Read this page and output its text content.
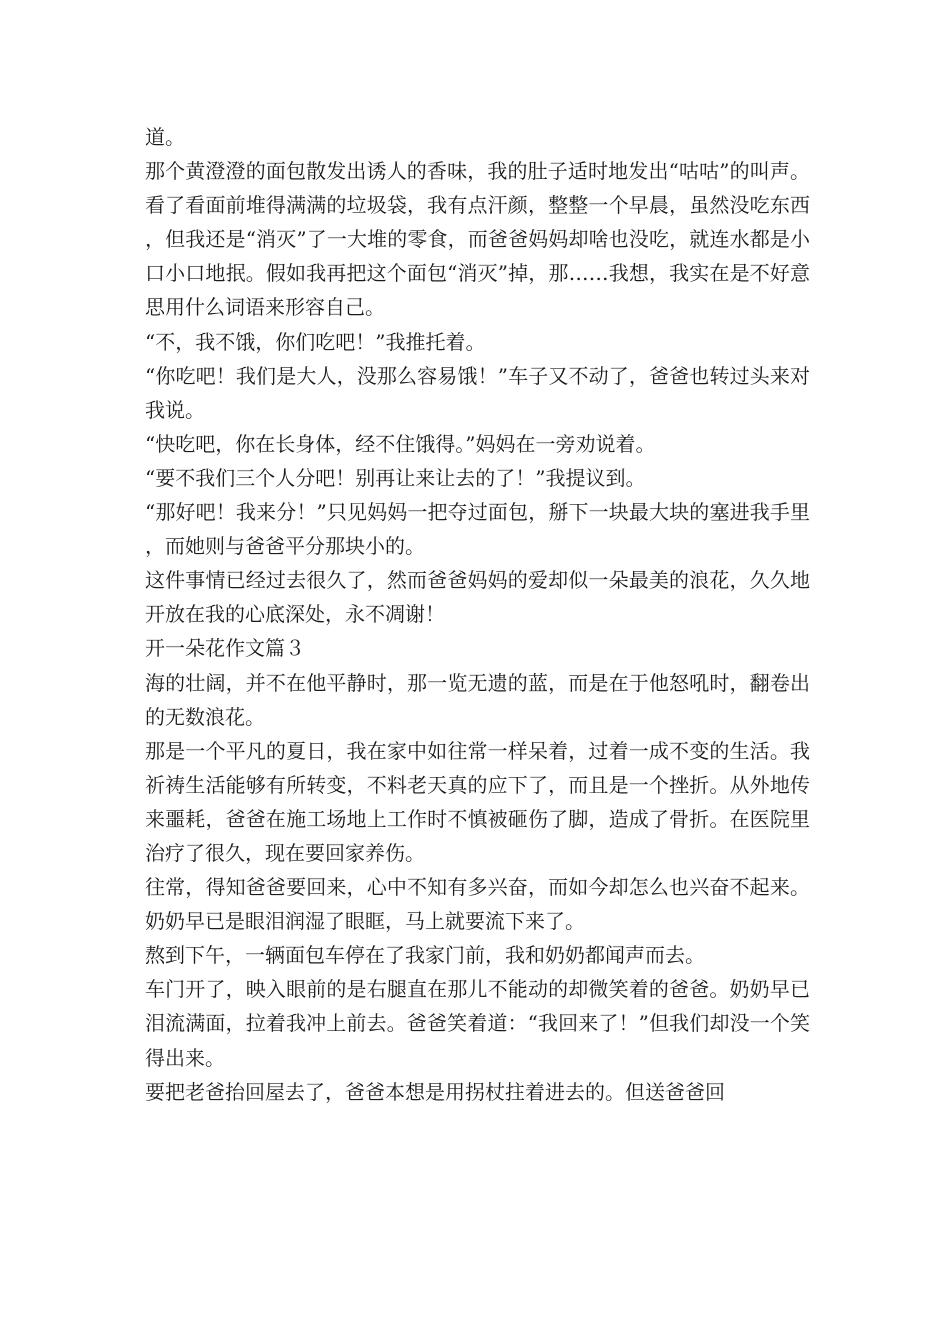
道。

那个黄澄澄的面包散发出诱人的香味，我的肚子适时地发出“咕咕”的叫声。看了看面前堆得满满的垃圾袋，我有点汗颜，整整一个早晨，虽然没吃东西，但我还是“消灭”了一大堆的零食，而爸爸妈妈却啥也没吃，就连水都是小口小口地抿。假如我再把这个面包“消灭”掉，那……我想，我实在是不好意思用什么词语来形容自己。

“不，我不饿，你们吃吧！”我推托着。

“你吃吧！我们是大人，没那么容易饿！”车子又不动了，爸爸也转过头来对我说。

“快吃吧，你在长身体，经不住饿得。”妈妈在一旁劝说着。

“要不我们三个人分吧！别再让来让去的了！”我提议到。

“那好吧！我来分！”只见妈妈一把夺过面包，掰下一块最大块的塞进我手里，而她则与爸爸平分那块小的。

这件事情已经过去很久了，然而爸爸妈妈的爱却似一朵最美的浪花，久久地开放在我的心底深处，永不凋谢！

开一朵花作文篇３

海的壮阔，并不在他平静时，那一览无遗的蓝，而是在于他怒吼时，翻卷出的无数浪花。

那是一个平凡的夏日，我在家中如往常一样呆着，过着一成不变的生活。我祈祷生活能够有所转变，不料老天真的应下了，而且是一个挫折。从外地传来噩耗，爸爸在施工场地上工作时不慎被砸伤了脚，造成了骨折。在医院里治疗了很久，现在要回家养伤。

往常，得知爸爸要回来，心中不知有多兴奋，而如今却怎么也兴奋不起来。奶奶早已是眼泪润湿了眼眶，马上就要流下来了。

熬到下午，一辆面包车停在了我家门前，我和奶奶都闻声而去。

车门开了，映入眼前的是右腿直在那儿不能动的却微笑着的爸爸。奶奶早已泪流满面，拉着我冲上前去。爸爸笑着道：“我回来了！”但我们却没一个笑得出来。

要把老爸抬回屋去了，爸爸本想是用拐杖拄着进去的。但送爸爸回
